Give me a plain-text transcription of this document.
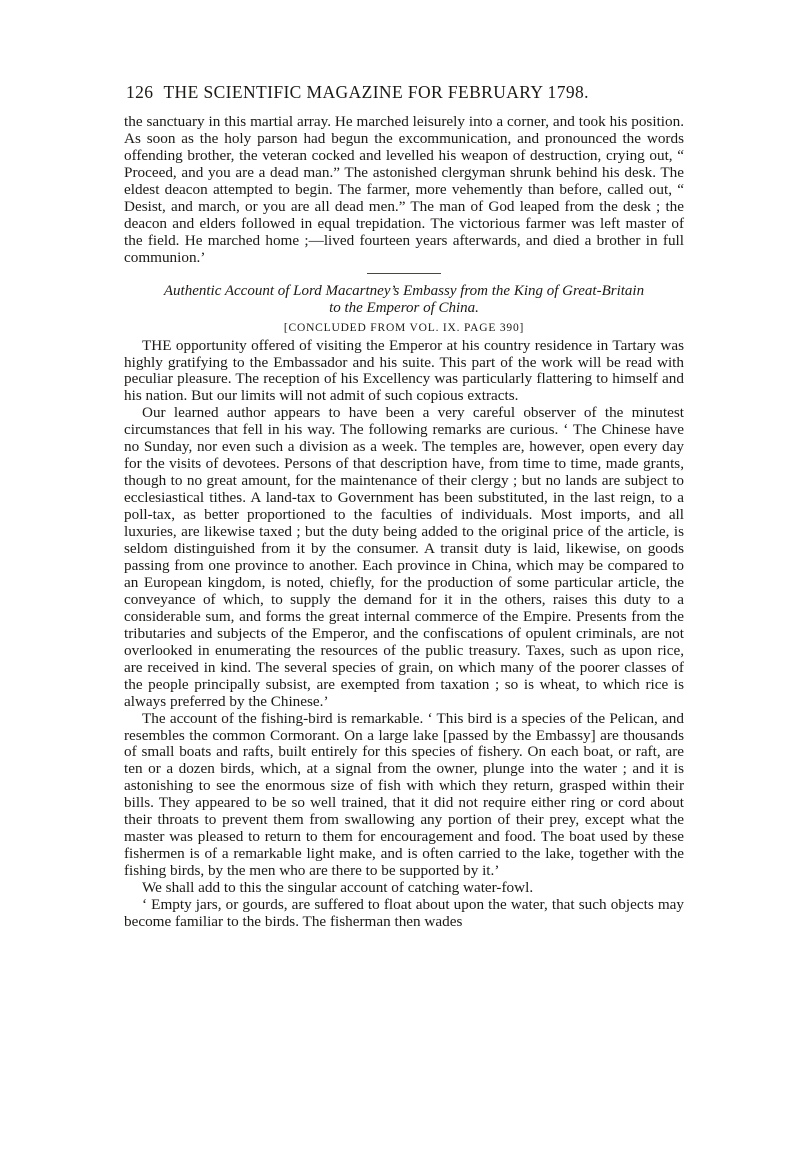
126 THE SCIENTIFIC MAGAZINE FOR FEBRUARY 1798.

the sanctuary in this martial array. He marched leisurely into a corner, and took his position. As soon as the holy parson had begun the excommunication, and pronounced the words offending brother, the veteran cocked and levelled his weapon of destruction, crying out, “ Proceed, and you are a dead man.” The astonished clergyman shrunk behind his desk. The eldest deacon attempted to begin. The farmer, more vehemently than before, called out, “ Desist, and march, or you are all dead men.” The man of God leaped from the desk ; the deacon and elders followed in equal trepidation. The victorious farmer was left master of the field. He marched home ;—lived fourteen years afterwards, and died a brother in full communion.’

Authentic Account of Lord Macartney’s Embassy from the King of Great-Britain

to the Emperor of China.

[CONCLUDED FROM VOL. IX. PAGE 390]

THE opportunity offered of visiting the Emperor at his country residence in Tartary was highly gratifying to the Embassador and his suite. This part of the work will be read with peculiar pleasure. The reception of his Excellency was particularly flattering to himself and his nation. But our limits will not admit of such copious extracts.

Our learned author appears to have been a very careful observer of the minutest circumstances that fell in his way. The following remarks are curious. ‘ The Chinese have no Sunday, nor even such a division as a week. The temples are, however, open every day for the visits of devotees. Persons of that description have, from time to time, made grants, though to no great amount, for the maintenance of their clergy ; but no lands are subject to ecclesiastical tithes. A land-tax to Government has been substituted, in the last reign, to a poll-tax, as better proportioned to the faculties of individuals. Most imports, and all luxuries, are likewise taxed ; but the duty being added to the original price of the article, is seldom distinguished from it by the consumer. A transit duty is laid, likewise, on goods passing from one province to another. Each province in China, which may be compared to an European kingdom, is noted, chiefly, for the production of some particular article, the conveyance of which, to supply the demand for it in the others, raises this duty to a considerable sum, and forms the great internal commerce of the Empire. Presents from the tributaries and subjects of the Emperor, and the confiscations of opulent criminals, are not overlooked in enumerating the resources of the public treasury. Taxes, such as upon rice, are received in kind. The several species of grain, on which many of the poorer classes of the people principally subsist, are exempted from taxation ; so is wheat, to which rice is always preferred by the Chinese.’

The account of the fishing-bird is remarkable. ‘ This bird is a species of the Pelican, and resembles the common Cormorant. On a large lake [passed by the Embassy] are thousands of small boats and rafts, built entirely for this species of fishery. On each boat, or raft, are ten or a dozen birds, which, at a signal from the owner, plunge into the water ; and it is astonishing to see the enormous size of fish with which they return, grasped within their bills. They appeared to be so well trained, that it did not require either ring or cord about their throats to prevent them from swallowing any portion of their prey, except what the master was pleased to return to them for encouragement and food. The boat used by these fishermen is of a remarkable light make, and is often carried to the lake, together with the fishing birds, by the men who are there to be supported by it.’

We shall add to this the singular account of catching water-fowl.

‘ Empty jars, or gourds, are suffered to float about upon the water, that such objects may become familiar to the birds. The fisherman then wades
